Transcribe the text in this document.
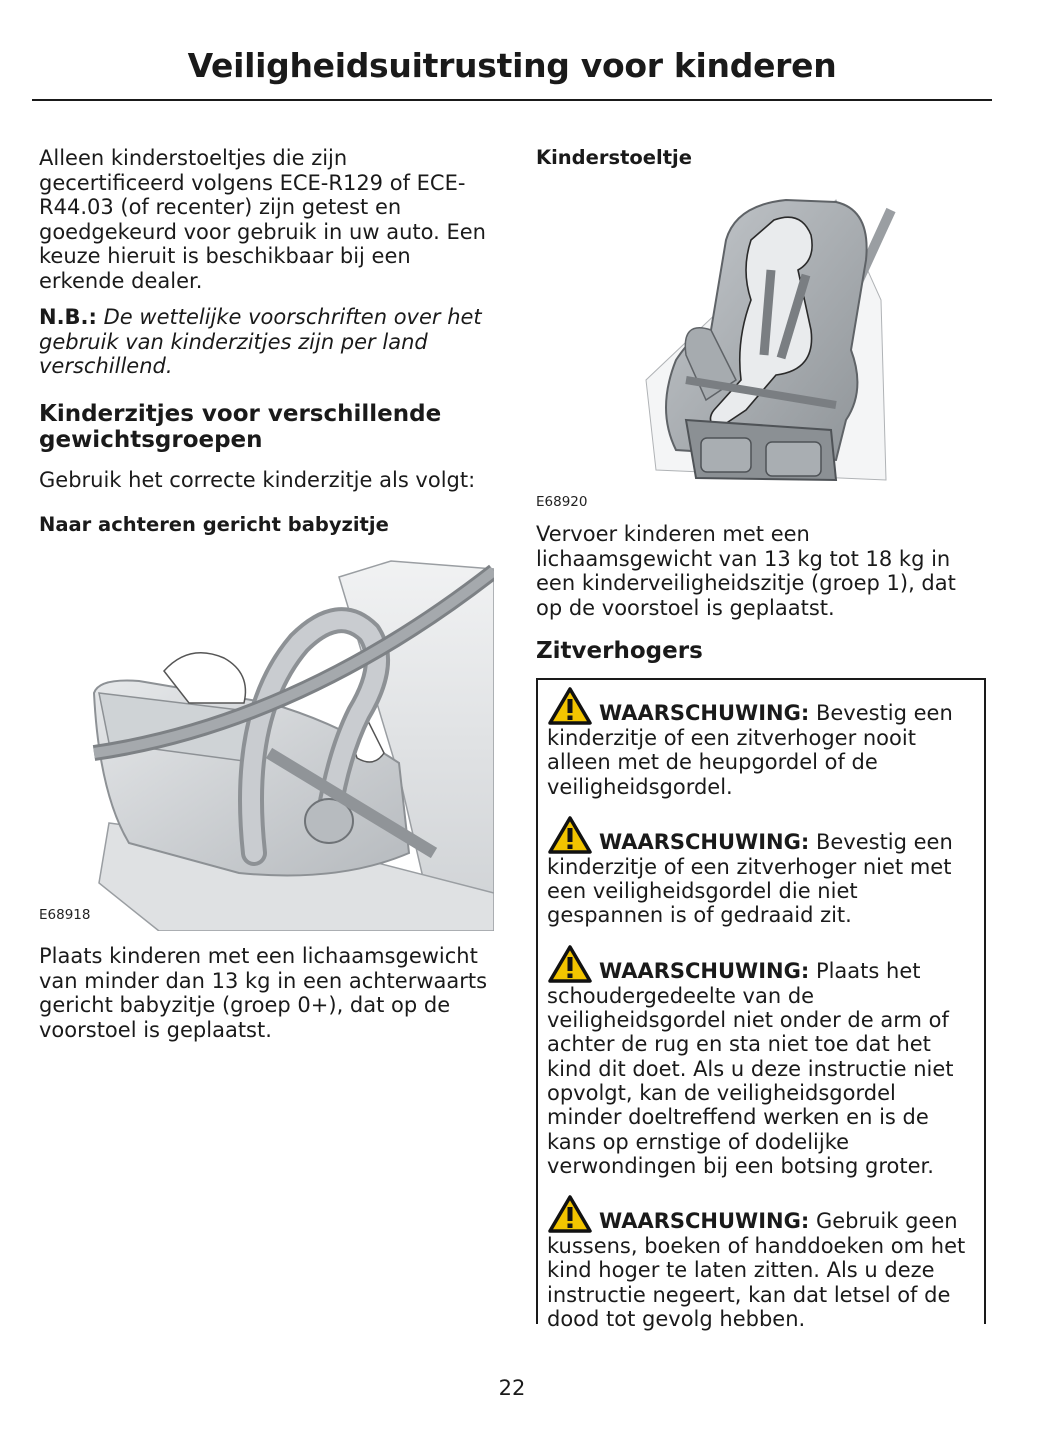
Veiligheidsuitrusting voor kinderen

Alleen kinderstoeltjes die zijn gecertificeerd volgens ECE-R129 of ECE-R44.03 (of recenter) zijn getest en goedgekeurd voor gebruik in uw auto. Een keuze hieruit is beschikbaar bij een erkende dealer.

N.B.: De wettelijke voorschriften over het gebruik van kinderzitjes zijn per land verschillend.

Kinderzitjes voor verschillende gewichtsgroepen

Gebruik het correcte kinderzitje als volgt:

Naar achteren gericht babyzitje
E68918

Plaats kinderen met een lichaamsgewicht van minder dan 13 kg in een achterwaarts gericht babyzitje (groep 0+), dat op de voorstoel is geplaatst.

Kinderstoeltje
E68920

Vervoer kinderen met een lichaamsgewicht van 13 kg tot 18 kg in een kinderveiligheidszitje (groep 1), dat op de voorstoel is geplaatst.

Zitverhogers

WAARSCHUWING: Bevestig een kinderzitje of een zitverhoger nooit alleen met de heupgordel of de veiligheidsgordel.

WAARSCHUWING: Bevestig een kinderzitje of een zitverhoger niet met een veiligheidsgordel die niet gespannen is of gedraaid zit.

WAARSCHUWING: Plaats het schoudergedeelte van de veiligheidsgordel niet onder de arm of achter de rug en sta niet toe dat het kind dit doet. Als u deze instructie niet opvolgt, kan de veiligheidsgordel minder doeltreffend werken en is de kans op ernstige of dodelijke verwondingen bij een botsing groter.

WAARSCHUWING: Gebruik geen kussens, boeken of handdoeken om het kind hoger te laten zitten. Als u deze instructie negeert, kan dat letsel of de dood tot gevolg hebben.

22
